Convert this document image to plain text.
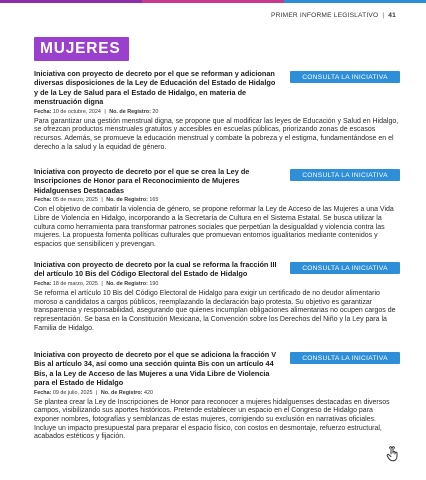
PRIMER INFORME LEGISLATIVO | 41
MUJERES
Iniciativa con proyecto de decreto por el que se reforman y adicionan diversas disposiciones de la Ley de Educación del Estado de Hidalgo y de la Ley de Salud para el Estado de Hidalgo, en materia de menstruación digna
CONSULTA LA INICIATIVA
Fecha: 10 de octubre, 2024 | No. de Registro: 20
Para garantizar una gestión menstrual digna, se propone que al modificar las leyes de Educación y Salud en Hidalgo, se ofrezcan productos menstruales gratuitos y accesibles en escuelas públicas, priorizando zonas de escasos recursos. Además, se promueve la educación menstrual y combate la pobreza y el estigma, fundamentándose en el derecho a la salud y la equidad de género.
Iniciativa con proyecto de decreto por el que se crea la Ley de Inscripciones de Honor para el Reconocimiento de Mujeres Hidalguenses Destacadas
CONSULTA LA INICIATIVA
Fecha: 05 de marzo, 2025 | No. de Registro: 165
Con el objetivo de combatir la violencia de género, se propone reformar la Ley de Acceso de las Mujeres a una Vida Libre de Violencia en Hidalgo, incorporando a la Secretaría de Cultura en el Sistema Estatal. Se busca utilizar la cultura como herramienta para transformar patrones sociales que perpetúan la desigualdad y violencia contra las mujeres. La propuesta fomenta políticas culturales que promuevan entornos igualitarios mediante contenidos y espacios que sensibilicen y prevengan.
Iniciativa con proyecto de decreto por la cual se reforma la fracción III del artículo 10 Bis del Código Electoral del Estado de Hidalgo
CONSULTA LA INICIATIVA
Fecha: 18 de marzo, 2025 | No. de Registro: 190
Se reforma el artículo 10 Bis del Código Electoral de Hidalgo para exigir un certificado de no deudor alimentario moroso a candidatos a cargos públicos, reemplazando la declaración bajo protesta. Su objetivo es garantizar transparencia y responsabilidad, asegurando que quienes incumplan obligaciones alimentarias no ocupen cargos de representación. Se basa en la Constitución Mexicana, la Convención sobre los Derechos del Niño y la Ley para la Familia de Hidalgo.
Iniciativa con proyecto de decreto por el que se adiciona la fracción V Bis al artículo 34, así como una sección quinta Bis con un artículo 44 Bis, a la Ley de Acceso de las Mujeres a una Vida Libre de Violencia para el Estado de Hidalgo
CONSULTA LA INICIATIVA
Fecha: 09 de julio, 2025 | No. de Registro: 420
Se plantea crear la Ley de Inscripciones de Honor para reconocer a mujeres hidalguenses destacadas en diversos campos, visibilizando sus aportes históricos. Pretende establecer un espacio en el Congreso de Hidalgo para exponer nombres, fotografías y semblanzas de estas mujeres, corrigiendo su exclusión en narrativas oficiales. Incluye un impacto presupuestal para preparar el espacio físico, con costos en desmontaje, refuerzo estructural, acabados estéticos y fijación.
